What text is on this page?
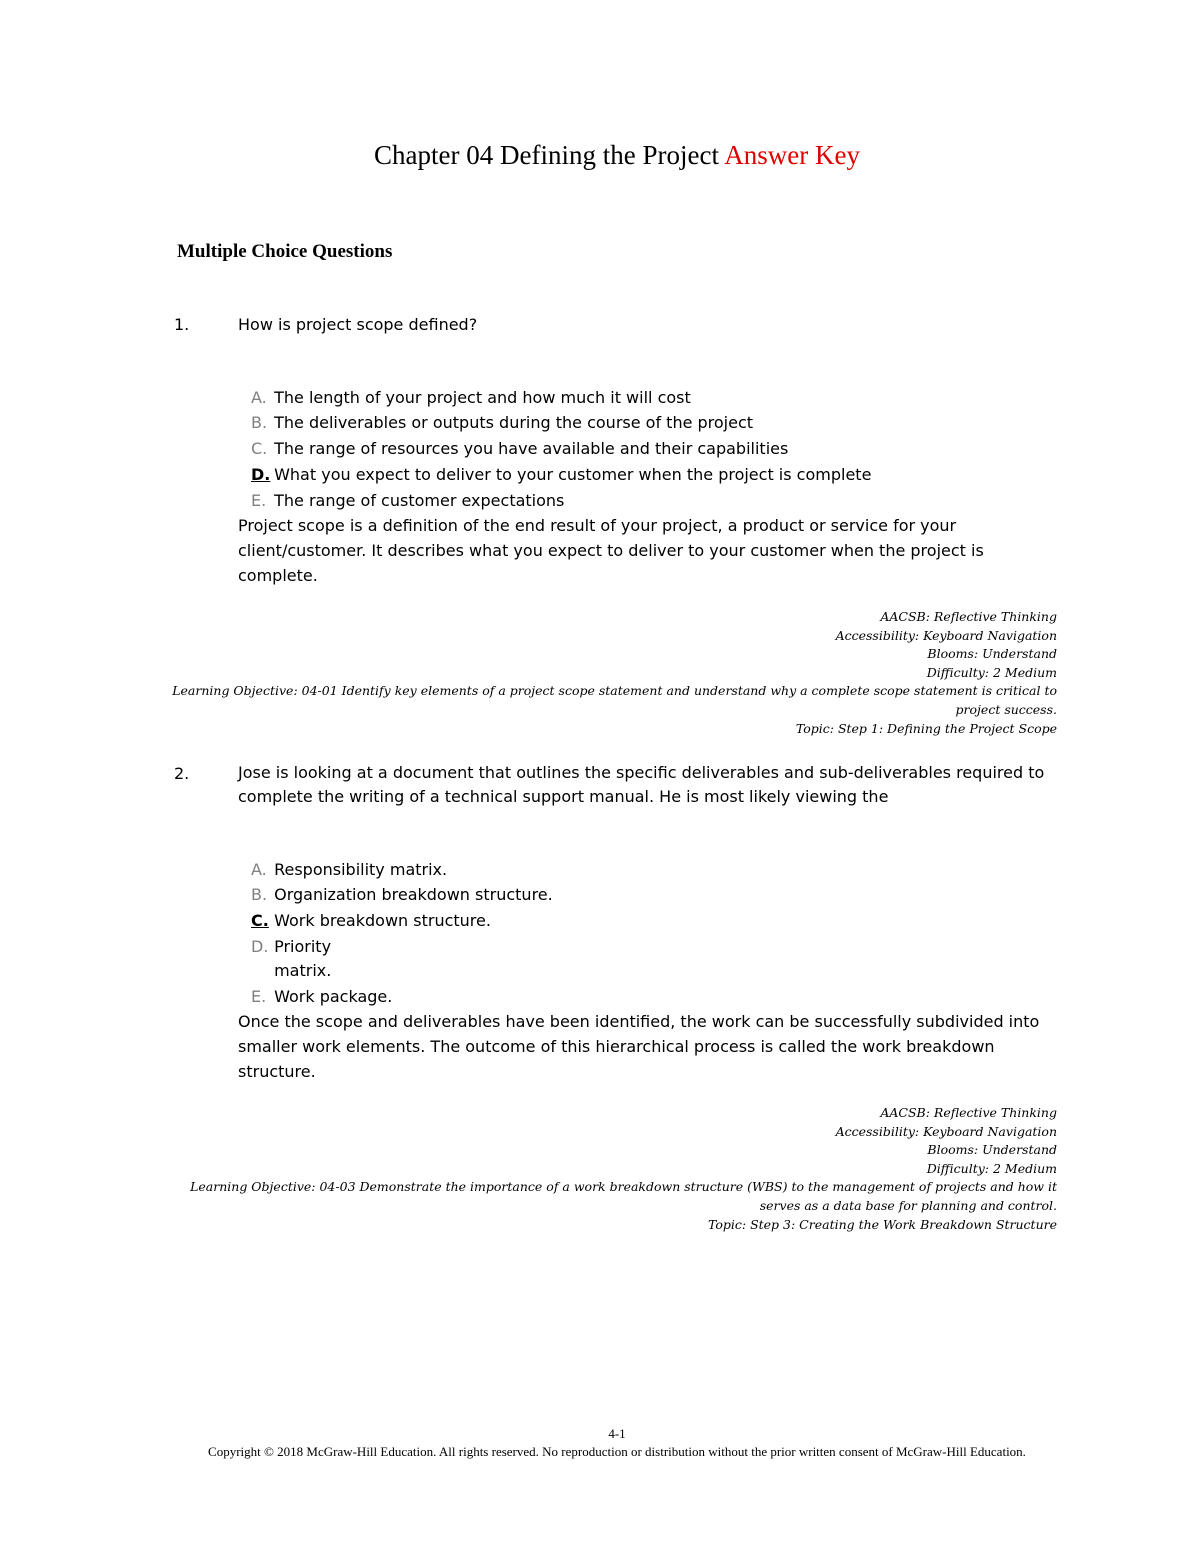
Chapter 04 Defining the Project Answer Key
Multiple Choice Questions
1.	How is project scope defined?
A. The length of your project and how much it will cost
B. The deliverables or outputs during the course of the project
C. The range of resources you have available and their capabilities
D. What you expect to deliver to your customer when the project is complete
E. The range of customer expectations
Project scope is a definition of the end result of your project, a product or service for your client/customer. It describes what you expect to deliver to your customer when the project is complete.
AACSB: Reflective Thinking
Accessibility: Keyboard Navigation
Blooms: Understand
Difficulty: 2 Medium
Learning Objective: 04-01 Identify key elements of a project scope statement and understand why a complete scope statement is critical to project success.
Topic: Step 1: Defining the Project Scope
2.	Jose is looking at a document that outlines the specific deliverables and sub-deliverables required to complete the writing of a technical support manual. He is most likely viewing the
A. Responsibility matrix.
B. Organization breakdown structure.
C. Work breakdown structure.
D. Priority matrix.
E. Work package.
Once the scope and deliverables have been identified, the work can be successfully subdivided into smaller work elements. The outcome of this hierarchical process is called the work breakdown structure.
AACSB: Reflective Thinking
Accessibility: Keyboard Navigation
Blooms: Understand
Difficulty: 2 Medium
Learning Objective: 04-03 Demonstrate the importance of a work breakdown structure (WBS) to the management of projects and how it serves as a data base for planning and control.
Topic: Step 3: Creating the Work Breakdown Structure
4-1
Copyright © 2018 McGraw-Hill Education. All rights reserved. No reproduction or distribution without the prior written consent of McGraw-Hill Education.
